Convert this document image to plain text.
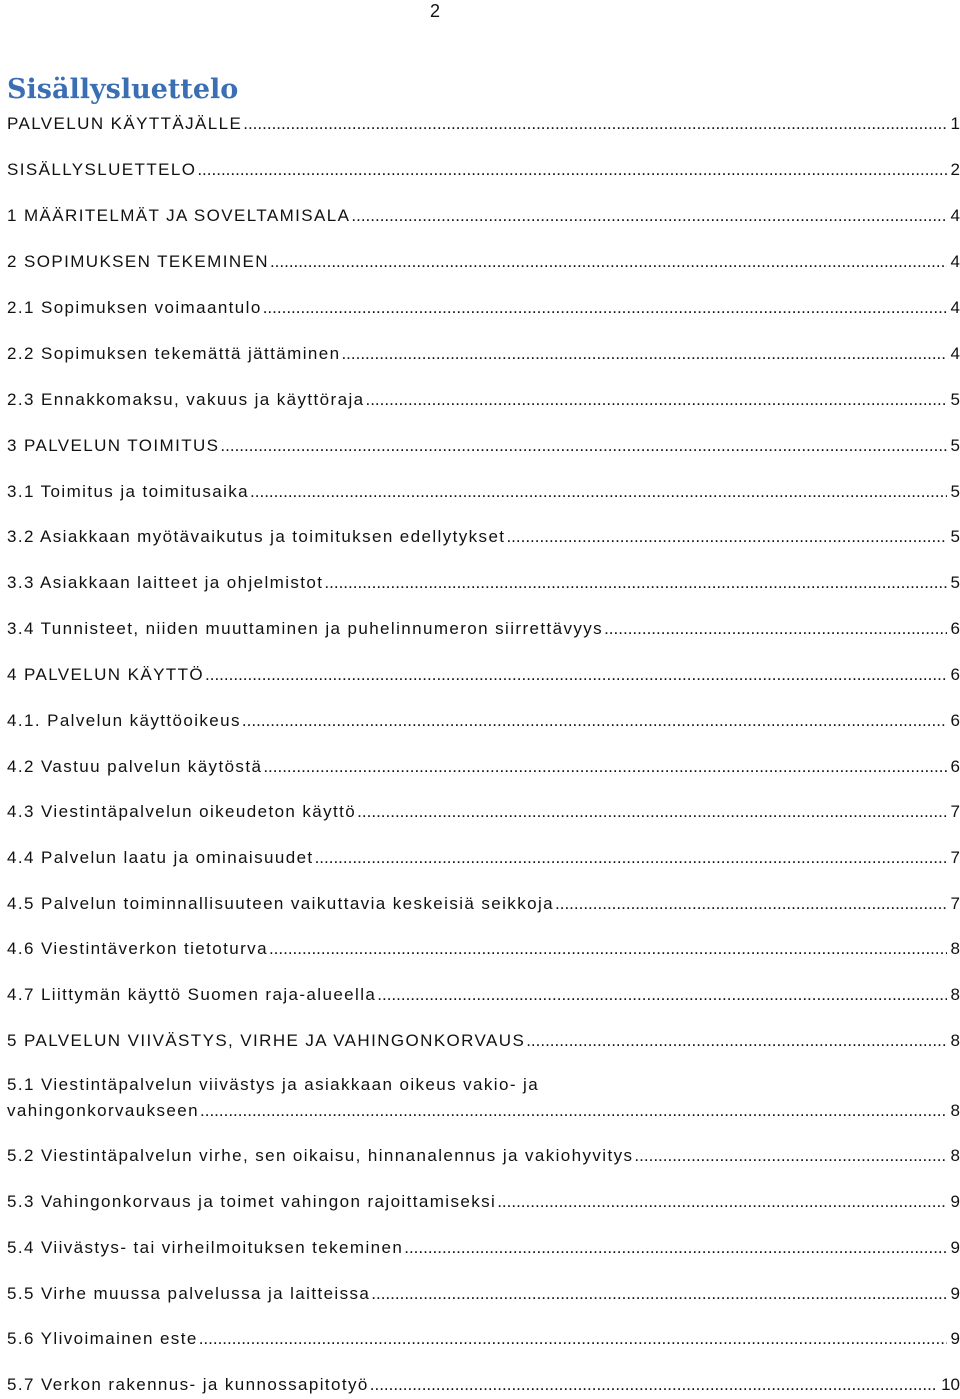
2
Sisällysluettelo
PALVELUN KÄYTTÄJÄLLE .....	1
SISÄLLYSLUETTELO .....	2
1 MÄÄRITELMÄT JA SOVELTAMISALA .....	4
2 SOPIMUKSEN TEKEMINEN .....	4
2.1 Sopimuksen voimaantulo .....	4
2.2 Sopimuksen tekemättä jättäminen .....	4
2.3 Ennakkomaksu, vakuus ja käyttöraja .....	5
3 PALVELUN TOIMITUS .....	5
3.1 Toimitus ja toimitusaika .....	5
3.2 Asiakkaan myötävaikutus ja toimituksen edellytykset .....	5
3.3 Asiakkaan laitteet ja ohjelmistot .....	5
3.4 Tunnisteet, niiden muuttaminen ja puhelinnumeron siirrettävyys .....	6
4 PALVELUN KÄYTTÖ .....	6
4.1. Palvelun käyttöoikeus .....	6
4.2 Vastuu palvelun käytöstä .....	6
4.3 Viestintäpalvelun oikeudeton käyttö .....	7
4.4 Palvelun laatu ja ominaisuudet .....	7
4.5 Palvelun toiminnallisuuteen vaikuttavia keskeisiä seikkoja .....	7
4.6 Viestintäverkon tietoturva .....	8
4.7 Liittymän käyttö Suomen raja-alueella .....	8
5 PALVELUN VIIVÄSTYS, VIRHE JA VAHINGONKORVAUS .....	8
5.1 Viestintäpalvelun viivästys ja asiakkaan oikeus vakio- ja
vahingonkorvaukseen .....	8
5.2 Viestintäpalvelun virhe, sen oikaisu, hinnanalennus ja vakiohyvitys .....	8
5.3 Vahingonkorvaus ja toimet vahingon rajoittamiseksi .....	9
5.4 Viivästys- tai virheilmoituksen tekeminen .....	9
5.5 Virhe muussa palvelussa ja laitteissa .....	9
5.6 Ylivoimainen este .....	9
5.7 Verkon rakennus- ja kunnossapitotyö .....	10
